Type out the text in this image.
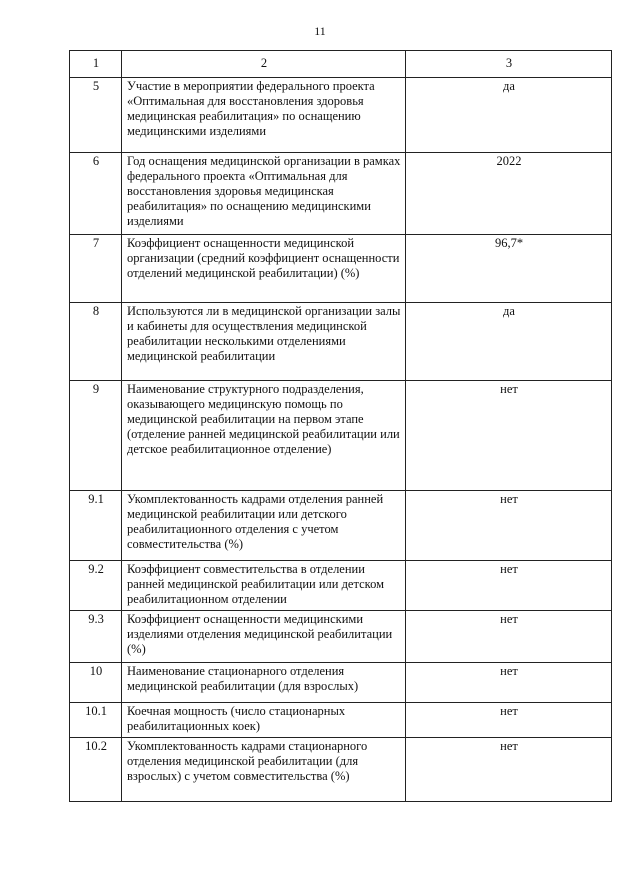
11
1	2	3
5	Участие в мероприятии федерального проекта «Оптимальная для восстановления здоровья медицинская реабилитация» по оснащению медицинскими изделиями	да
6	Год оснащения медицинской организации в рамках федерального проекта «Оптимальная для восстановления здоровья медицинская реабилитация» по оснащению медицинскими изделиями	2022
7	Коэффициент оснащенности медицинской организации (средний коэффициент оснащенности отделений медицинской реабилитации) (%)	96,7*
8	Используются ли в медицинской организации залы и кабинеты для осуществления медицинской реабилитации несколькими отделениями медицинской реабилитации	да
9	Наименование структурного подразделения, оказывающего медицинскую помощь по медицинской реабилитации на первом этапе (отделение ранней медицинской реабилитации или детское реабилитационное отделение)	нет
9.1	Укомплектованность кадрами отделения ранней медицинской реабилитации или детского реабилитационного отделения с учетом совместительства (%)	нет
9.2	Коэффициент совместительства в отделении ранней медицинской реабилитации или детском реабилитационном отделении	нет
9.3	Коэффициент оснащенности медицинскими изделиями отделения медицинской реабилитации (%)	нет
10	Наименование стационарного отделения медицинской реабилитации (для взрослых)	нет
10.1	Коечная мощность (число стационарных реабилитационных коек)	нет
10.2	Укомплектованность кадрами стационарного отделения медицинской реабилитации (для взрослых) с учетом совместительства (%)	нет
